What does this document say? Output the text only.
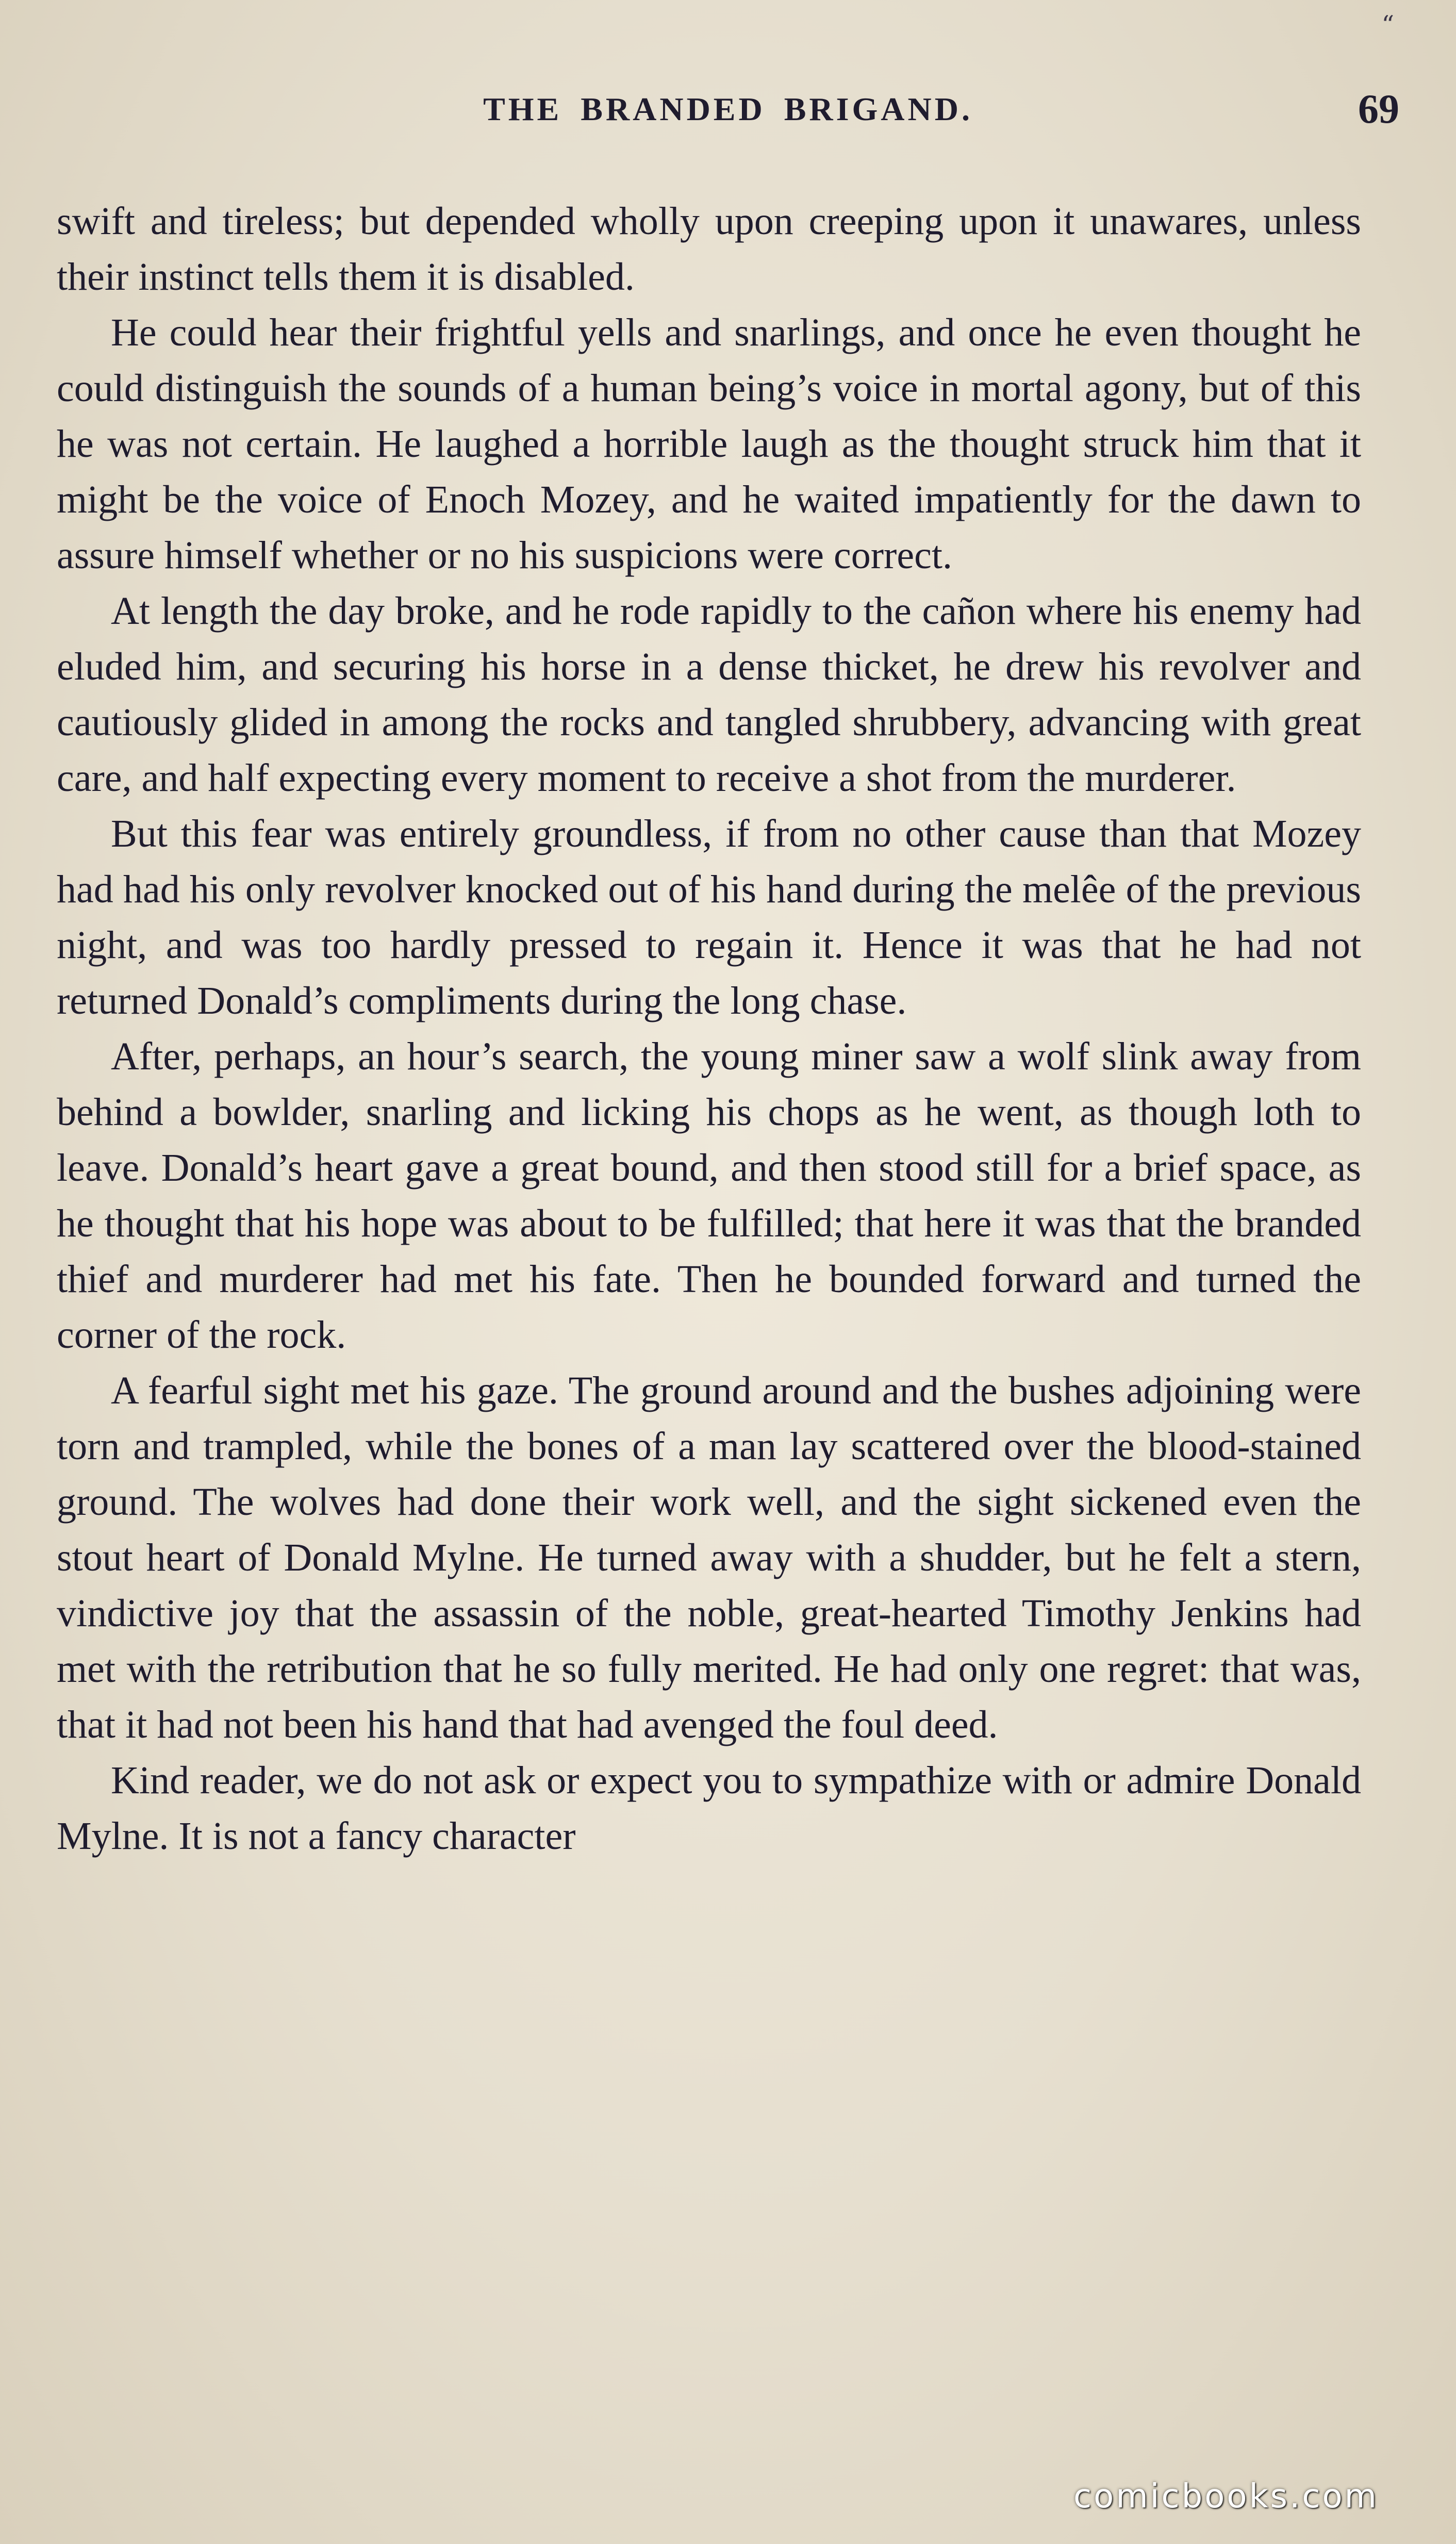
“
THE BRANDED BRIGAND.	69

swift and tireless; but depended wholly upon creeping upon it unawares, unless their instinct tells them it is disabled.

He could hear their frightful yells and snarlings, and once he even thought he could distinguish the sounds of a human being’s voice in mortal agony, but of this he was not certain. He laughed a horrible laugh as the thought struck him that it might be the voice of Enoch Mozey, and he waited impatiently for the dawn to assure himself whether or no his suspicions were correct.

At length the day broke, and he rode rapidly to the cañon where his enemy had eluded him, and securing his horse in a dense thicket, he drew his revolver and cautiously glided in among the rocks and tangled shrubbery, advancing with great care, and half expecting every moment to receive a shot from the murderer.

But this fear was entirely groundless, if from no other cause than that Mozey had had his only revolver knocked out of his hand during the melêe of the previous night, and was too hardly pressed to regain it. Hence it was that he had not returned Donald’s compliments during the long chase.

After, perhaps, an hour’s search, the young miner saw a wolf slink away from behind a bowlder, snarling and licking his chops as he went, as though loth to leave. Donald’s heart gave a great bound, and then stood still for a brief space, as he thought that his hope was about to be fulfilled; that here it was that the branded thief and murderer had met his fate. Then he bounded forward and turned the corner of the rock.

A fearful sight met his gaze. The ground around and the bushes adjoining were torn and trampled, while the bones of a man lay scattered over the blood-stained ground. The wolves had done their work well, and the sight sickened even the stout heart of Donald Mylne. He turned away with a shudder, but he felt a stern, vindictive joy that the assassin of the noble, great-hearted Timothy Jenkins had met with the retribution that he so fully merited. He had only one regret: that was, that it had not been his hand that had avenged the foul deed.

Kind reader, we do not ask or expect you to sympathize with or admire Donald Mylne. It is not a fancy character

comicbooks.com
